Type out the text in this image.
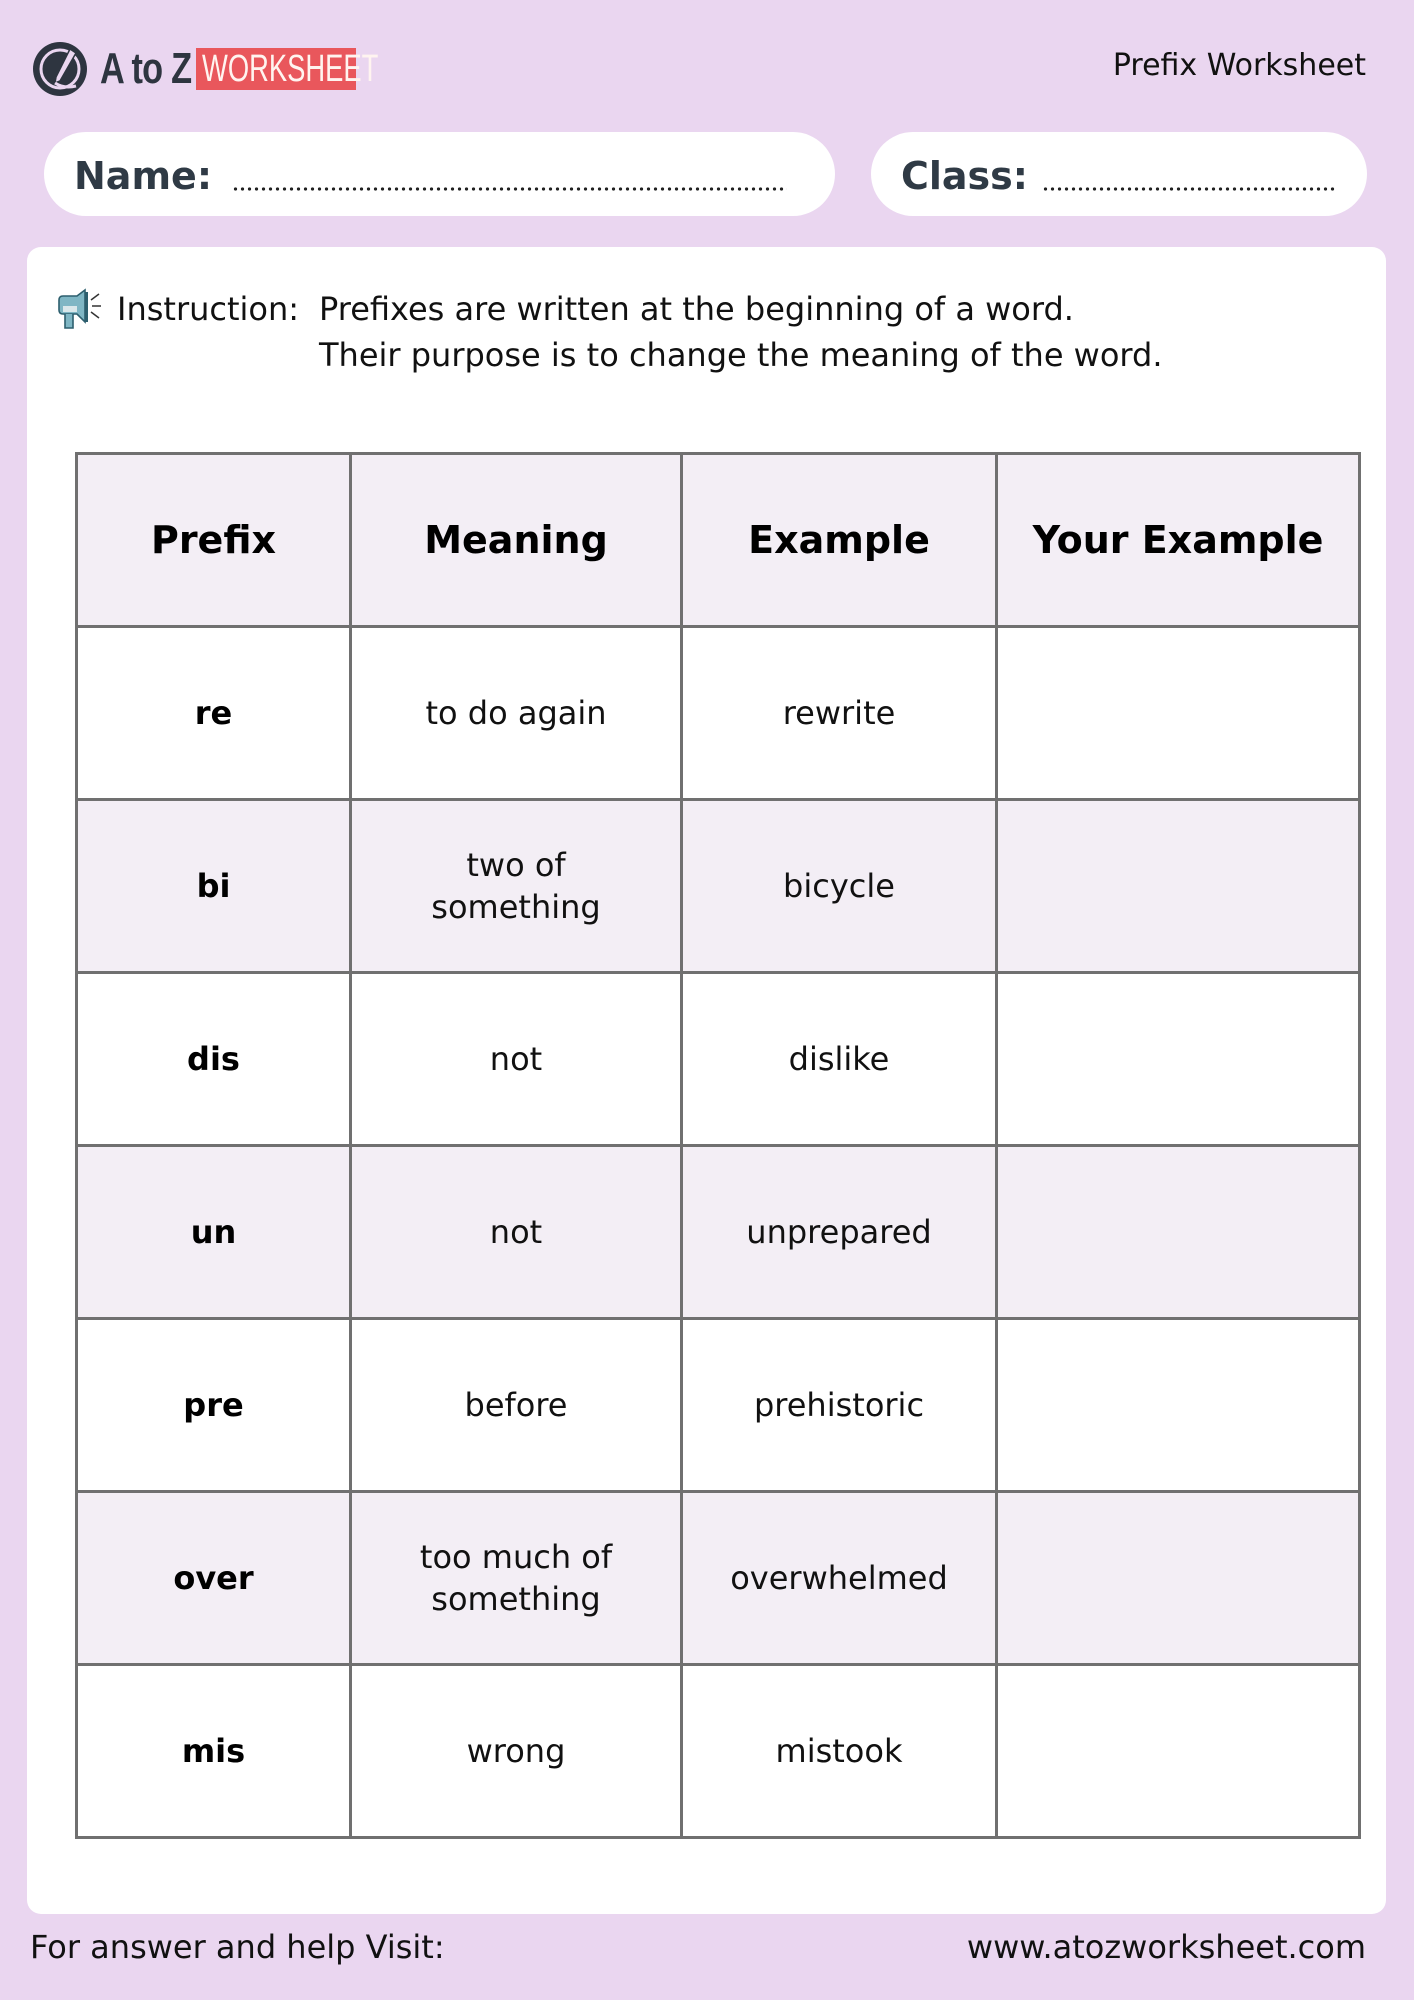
A to Z WORKSHEET	Prefix Worksheet
Name:	Class:
Instruction: Prefixes are written at the beginning of a word.
Their purpose is to change the meaning of the word.
Prefix	Meaning	Example	Your Example
re	to do again	rewrite	
bi	two of something	bicycle	
dis	not	dislike	
un	not	unprepared	
pre	before	prehistoric	
over	too much of something	overwhelmed	
mis	wrong	mistook	
For answer and help Visit:	www.atozworksheet.com
